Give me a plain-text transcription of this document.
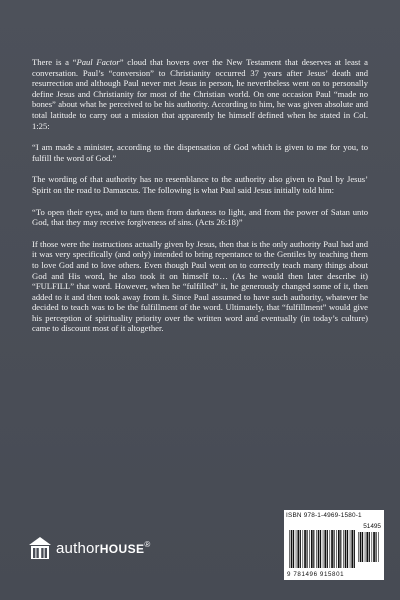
There is a “Paul Factor” cloud that hovers over the New Testament that deserves at least a conversation. Paul’s “conversion” to Christianity occurred 37 years after Jesus’ death and resurrection and although Paul never met Jesus in person, he nevertheless went on to personally define Jesus and Christianity for most of the Christian world. On one occasion Paul “made no bones” about what he perceived to be his authority. According to him, he was given absolute and total latitude to carry out a mission that apparently he himself defined when he stated in Col. 1:25:

“I am made a minister, according to the dispensation of God which is given to me for you, to fulfill the word of God.”

The wording of that authority has no resemblance to the authority also given to Paul by Jesus’ Spirit on the road to Damascus. The following is what Paul said Jesus initially told him:

“To open their eyes, and to turn them from darkness to light, and from the power of Satan unto God, that they may receive forgiveness of sins. (Acts 26:18)”

If those were the instructions actually given by Jesus, then that is the only authority Paul had and it was very specifically (and only) intended to bring repentance to the Gentiles by teaching them to love God and to love others. Even though Paul went on to correctly teach many things about God and His word, he also took it on himself to… (As he would then later describe it) “FULFILL” that word. However, when he “fulfilled” it, he generously changed some of it, then added to it and then took away from it. Since Paul assumed to have such authority, whatever he decided to teach was to be the fulfillment of the word. Ultimately, that “fulfillment” would give his perception of spirituality priority over the written word and eventually (in today’s culture) came to discount most of it altogether.

authorHOUSE®
ISBN 978-1-4969-1580-1
51495
9 781496 915801
